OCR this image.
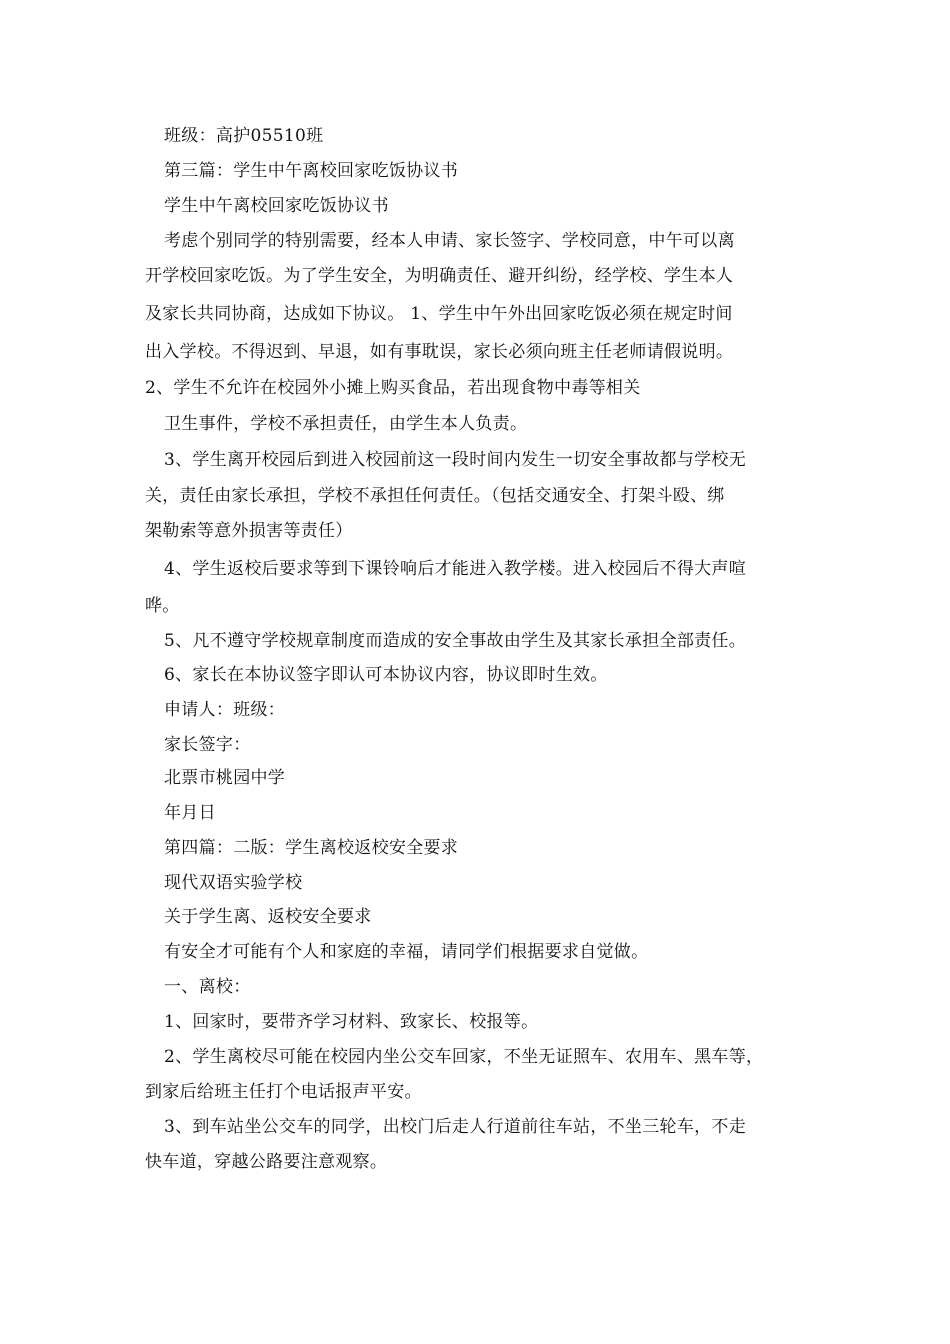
班级：高护05510班
第三篇：学生中午离校回家吃饭协议书
学生中午离校回家吃饭协议书
考虑个别同学的特别需要，经本人申请、家长签字、学校同意，中午可以离
开学校回家吃饭。为了学生安全，为明确责任、避开纠纷，经学校、学生本人
及家长共同协商，达成如下协议。 1、学生中午外出回家吃饭必须在规定时间
出入学校。不得迟到、早退，如有事耽误，家长必须向班主任老师请假说明。
2、学生不允许在校园外小摊上购买食品，若出现食物中毒等相关
卫生事件，学校不承担责任，由学生本人负责。
3、学生离开校园后到进入校园前这一段时间内发生一切安全事故都与学校无
关，责任由家长承担，学校不承担任何责任。（包括交通安全、打架斗殴、绑
架勒索等意外损害等责任）
4、学生返校后要求等到下课铃响后才能进入教学楼。进入校园后不得大声喧
哗。
5、凡不遵守学校规章制度而造成的安全事故由学生及其家长承担全部责任。
6、家长在本协议签字即认可本协议内容，协议即时生效。
申请人：班级：
家长签字：
北票市桃园中学
年月日
第四篇：二版：学生离校返校安全要求
现代双语实验学校
关于学生离、返校安全要求
有安全才可能有个人和家庭的幸福，请同学们根据要求自觉做。
一、离校：
1、回家时，要带齐学习材料、致家长、校报等。
2、学生离校尽可能在校园内坐公交车回家，不坐无证照车、农用车、黑车等，
到家后给班主任打个电话报声平安。
3、到车站坐公交车的同学，出校门后走人行道前往车站，不坐三轮车，不走
快车道，穿越公路要注意观察。
